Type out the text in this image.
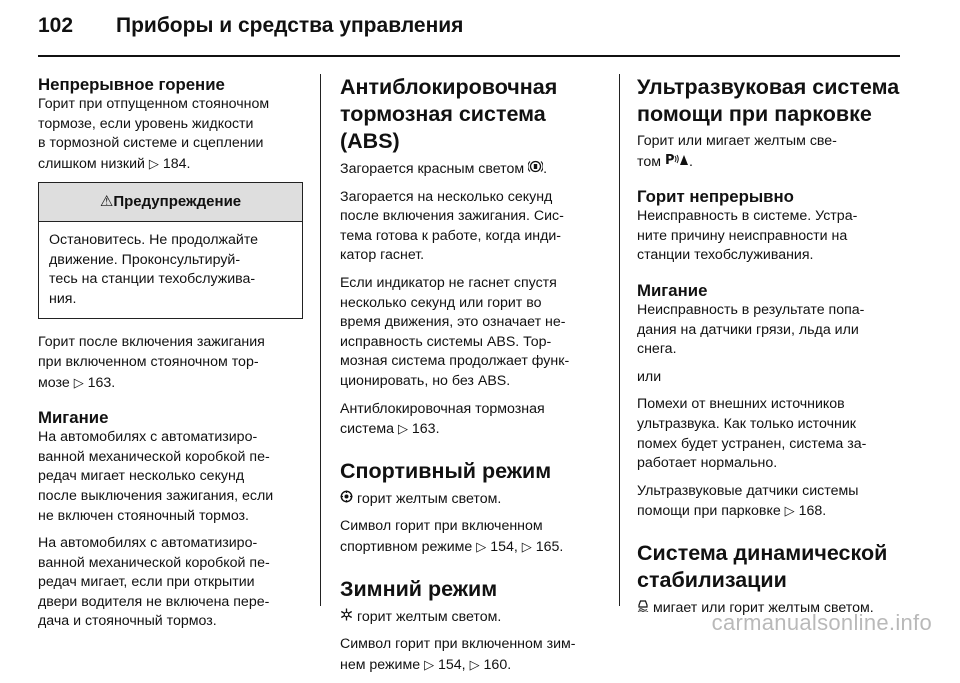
102	Приборы и средства управления
Непрерывное горение

Горит при отпущенном стояночном
тормозе, если уровень жидкости
в тормозной системе и сцеплении
слишком низкий ▷ 184.

⚠Предупреждение
Остановитесь. Не продолжайте
движение. Проконсультируй-
тесь на станции техобслужива-
ния.

Горит после включения зажигания
при включенном стояночном тор-
мозе ▷ 163.

Мигание

На автомобилях с автоматизиро-
ванной механической коробкой пе-
редач мигает несколько секунд
после выключения зажигания, если
не включен стояночный тормоз.

На автомобилях с автоматизиро-
ванной механической коробкой пе-
редач мигает, если при открытии
двери водителя не включена пере-
дача и стояночный тормоз.

Антиблокировочная
тормозная система (ABS)

Загорается красным светом .

Загорается на несколько секунд
после включения зажигания. Сис-
тема готова к работе, когда инди-
катор гаснет.

Если индикатор не гаснет спустя
несколько секунд или горит во
время движения, это означает не-
исправность системы ABS. Тор-
мозная система продолжает функ-
ционировать, но без ABS.

Антиблокировочная тормозная
система ▷ 163.

Спортивный режим

горит желтым светом.

Символ горит при включенном
спортивном режиме ▷ 154, ▷ 165.

Зимний режим

горит желтым светом.

Символ горит при включенном зим-
нем режиме ▷ 154, ▷ 160.

Ультразвуковая система
помощи при парковке

Горит или мигает желтым све-
том P .

Горит непрерывно

Неисправность в системе. Устра-
ните причину неисправности на
станции техобслуживания.

Мигание

Неисправность в результате попа-
дания на датчики грязи, льда или
снега.

или

Помехи от внешних источников
ультразвука. Как только источник
помех будет устранен, система за-
работает нормально.

Ультразвуковые датчики системы
помощи при парковке ▷ 168.

Система динамической
стабилизации

мигает или горит желтым светом.

carmanualsonline.info
